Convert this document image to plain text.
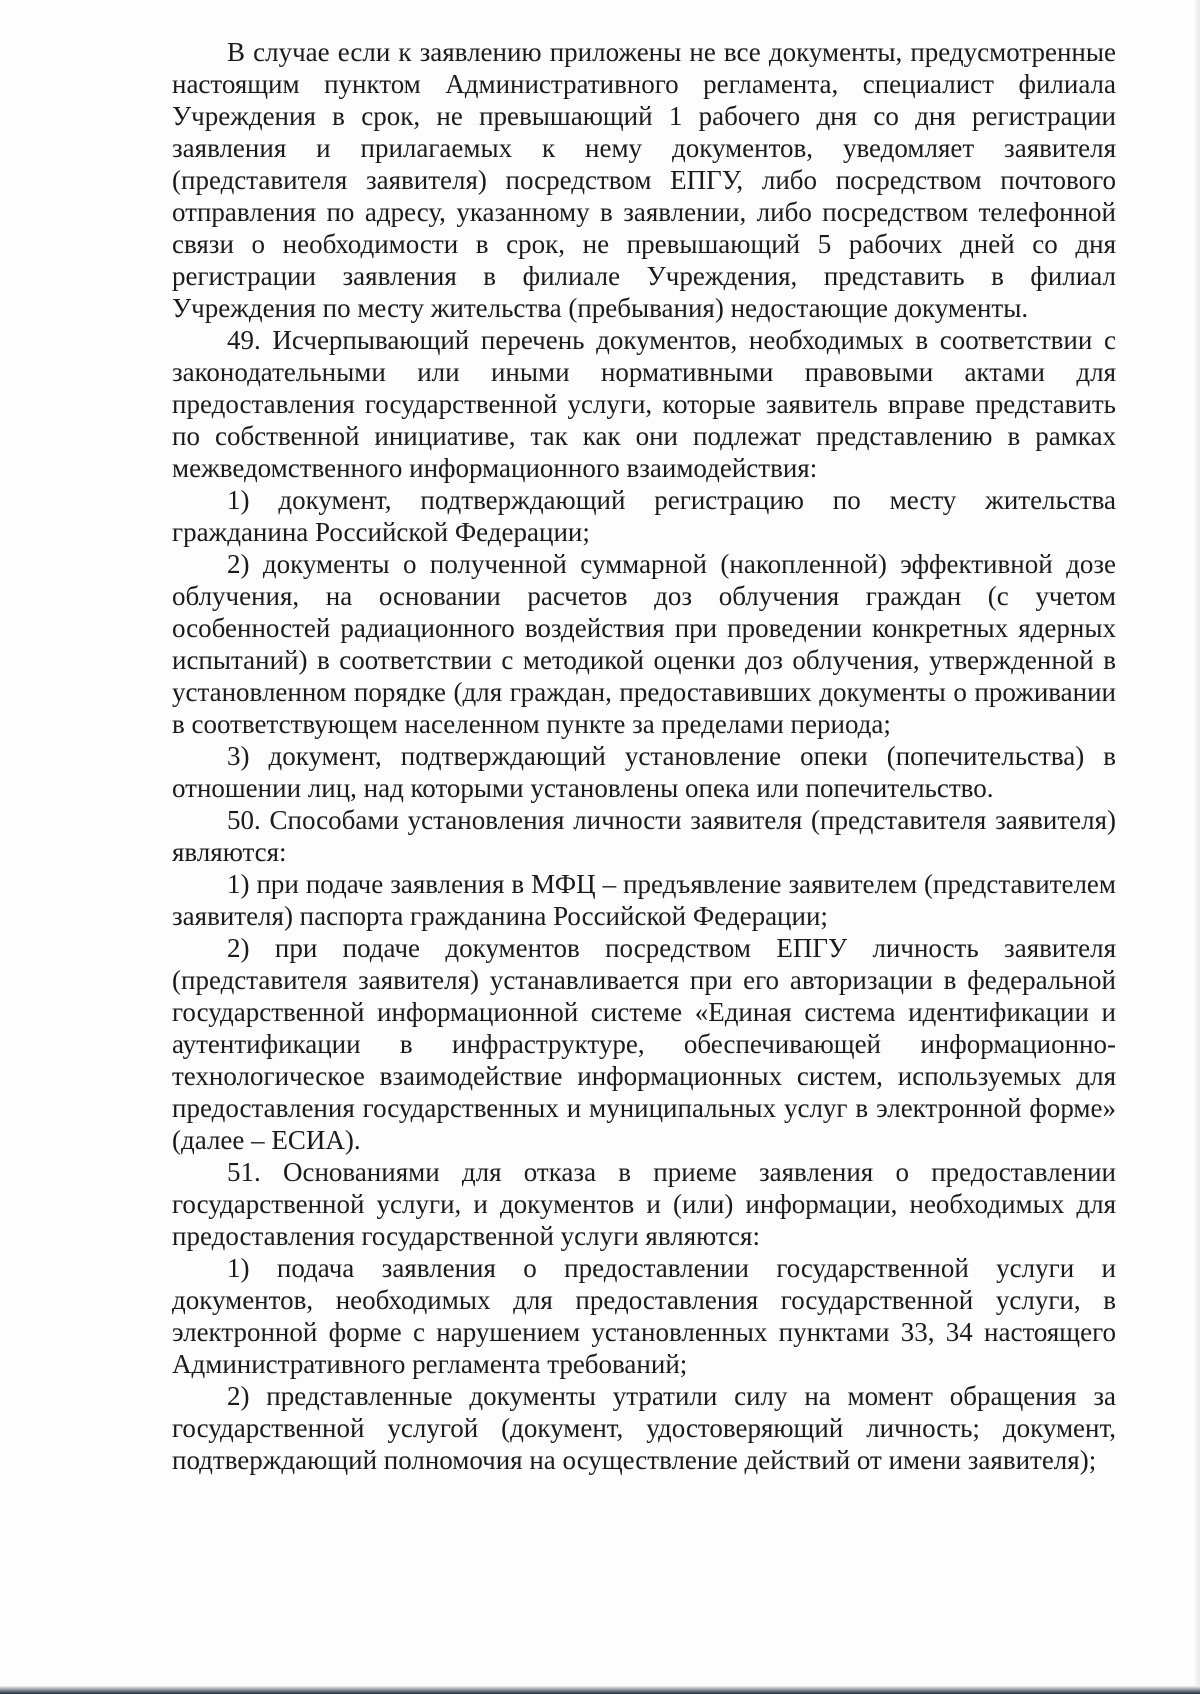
В случае если к заявлению приложены не все документы, предусмотренные настоящим пунктом Административного регламента, специалист филиала Учреждения в срок, не превышающий 1 рабочего дня со дня регистрации заявления и прилагаемых к нему документов, уведомляет заявителя (представителя заявителя) посредством ЕПГУ, либо посредством почтового отправления по адресу, указанному в заявлении, либо посредством телефонной связи о необходимости в срок, не превышающий 5 рабочих дней со дня регистрации заявления в филиале Учреждения, представить в филиал Учреждения по месту жительства (пребывания) недостающие документы.

49. Исчерпывающий перечень документов, необходимых в соответствии с законодательными или иными нормативными правовыми актами для предоставления государственной услуги, которые заявитель вправе представить по собственной инициативе, так как они подлежат представлению в рамках межведомственного информационного взаимодействия:

1) документ, подтверждающий регистрацию по месту жительства гражданина Российской Федерации;

2) документы о полученной суммарной (накопленной) эффективной дозе облучения, на основании расчетов доз облучения граждан (с учетом особенностей радиационного воздействия при проведении конкретных ядерных испытаний) в соответствии с методикой оценки доз облучения, утвержденной в установленном порядке (для граждан, предоставивших документы о проживании в соответствующем населенном пункте за пределами периода;

3) документ, подтверждающий установление опеки (попечительства) в отношении лиц, над которыми установлены опека или попечительство.

50. Способами установления личности заявителя (представителя заявителя) являются:

1) при подаче заявления в МФЦ – предъявление заявителем (представителем заявителя) паспорта гражданина Российской Федерации;

2) при подаче документов посредством ЕПГУ личность заявителя (представителя заявителя) устанавливается при его авторизации в федеральной государственной информационной системе «Единая система идентификации и аутентификации в инфраструктуре, обеспечивающей информационно-технологическое взаимодействие информационных систем, используемых для предоставления государственных и муниципальных услуг в электронной форме» (далее – ЕСИА).

51. Основаниями для отказа в приеме заявления о предоставлении государственной услуги, и документов и (или) информации, необходимых для предоставления государственной услуги являются:

1) подача заявления о предоставлении государственной услуги и документов, необходимых для предоставления государственной услуги, в электронной форме с нарушением установленных пунктами 33, 34 настоящего Административного регламента требований;

2) представленные документы утратили силу на момент обращения за государственной услугой (документ, удостоверяющий личность; документ, подтверждающий полномочия на осуществление действий от имени заявителя);
